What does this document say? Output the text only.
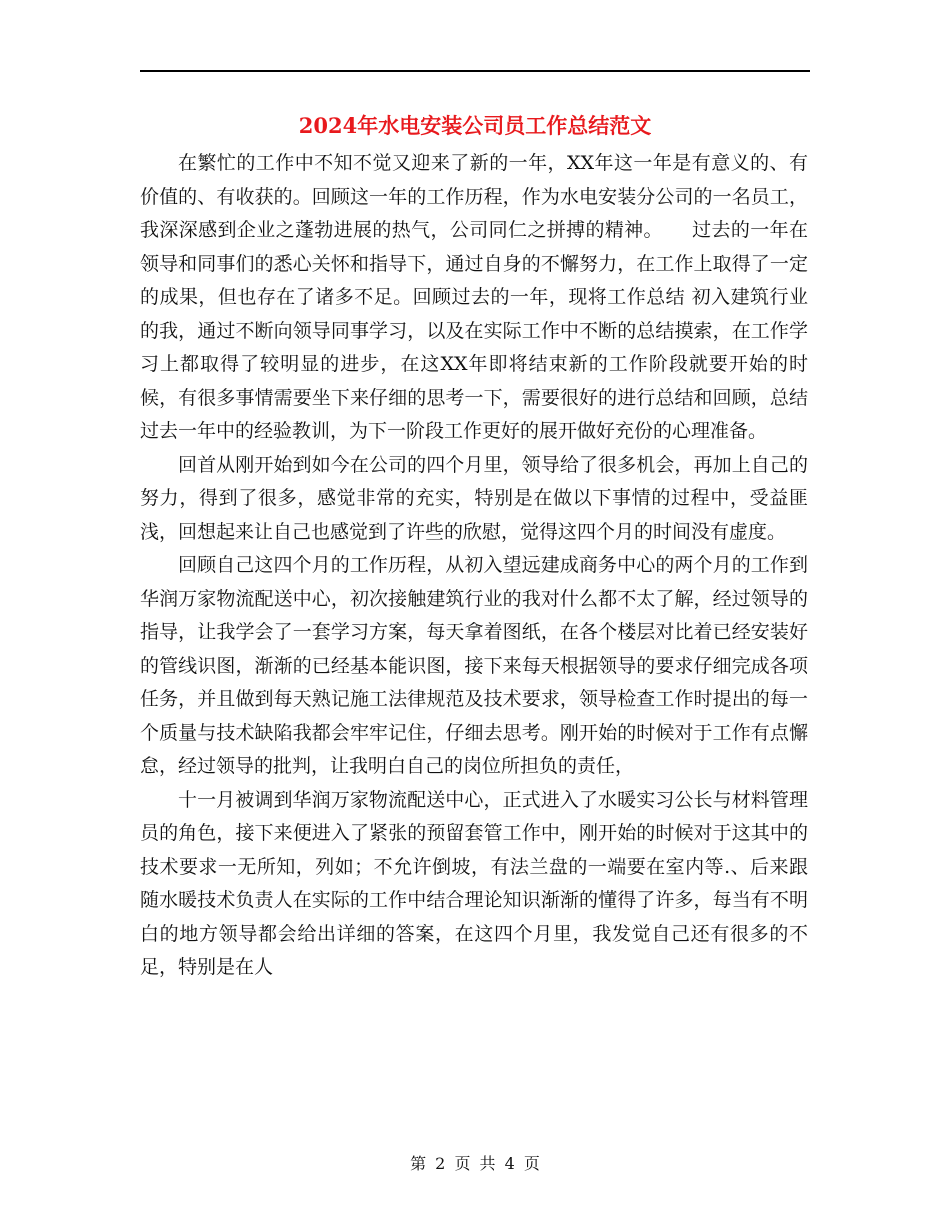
2024年水电安装公司员工作总结范文

在繁忙的工作中不知不觉又迎来了新的一年，XX年这一年是有意义的、有价值的、有收获的。回顾这一年的工作历程，作为水电安装分公司的一名员工，我深深感到企业之蓬勃进展的热气，公司同仁之拼搏的精神。　　过去的一年在领导和同事们的悉心关怀和指导下，通过自身的不懈努力，在工作上取得了一定的成果，但也存在了诸多不足。回顾过去的一年，现将工作总结 初入建筑行业的我，通过不断向领导同事学习，以及在实际工作中不断的总结摸索，在工作学习上都取得了较明显的进步，在这XX年即将结束新的工作阶段就要开始的时候，有很多事情需要坐下来仔细的思考一下，需要很好的进行总结和回顾，总结过去一年中的经验教训，为下一阶段工作更好的展开做好充份的心理准备。

回首从刚开始到如今在公司的四个月里，领导给了很多机会，再加上自己的努力，得到了很多，感觉非常的充实，特别是在做以下事情的过程中，受益匪浅，回想起来让自己也感觉到了许些的欣慰，觉得这四个月的时间没有虚度。

回顾自己这四个月的工作历程，从初入望远建成商务中心的两个月的工作到华润万家物流配送中心，初次接触建筑行业的我对什么都不太了解，经过领导的指导，让我学会了一套学习方案，每天拿着图纸，在各个楼层对比着已经安装好的管线识图，渐渐的已经基本能识图，接下来每天根据领导的要求仔细完成各项任务，并且做到每天熟记施工法律规范及技术要求，领导检查工作时提出的每一个质量与技术缺陷我都会牢牢记住，仔细去思考。刚开始的时候对于工作有点懈怠，经过领导的批判，让我明白自己的岗位所担负的责任，

十一月被调到华润万家物流配送中心，正式进入了水暖实习公长与材料管理员的角色，接下来便进入了紧张的预留套管工作中，刚开始的时候对于这其中的技术要求一无所知，列如；不允许倒坡，有法兰盘的一端要在室内等.、后来跟随水暖技术负责人在实际的工作中结合理论知识渐渐的懂得了许多，每当有不明白的地方领导都会给出详细的答案，在这四个月里，我发觉自己还有很多的不足，特别是在人

第 2 页 共 4 页
